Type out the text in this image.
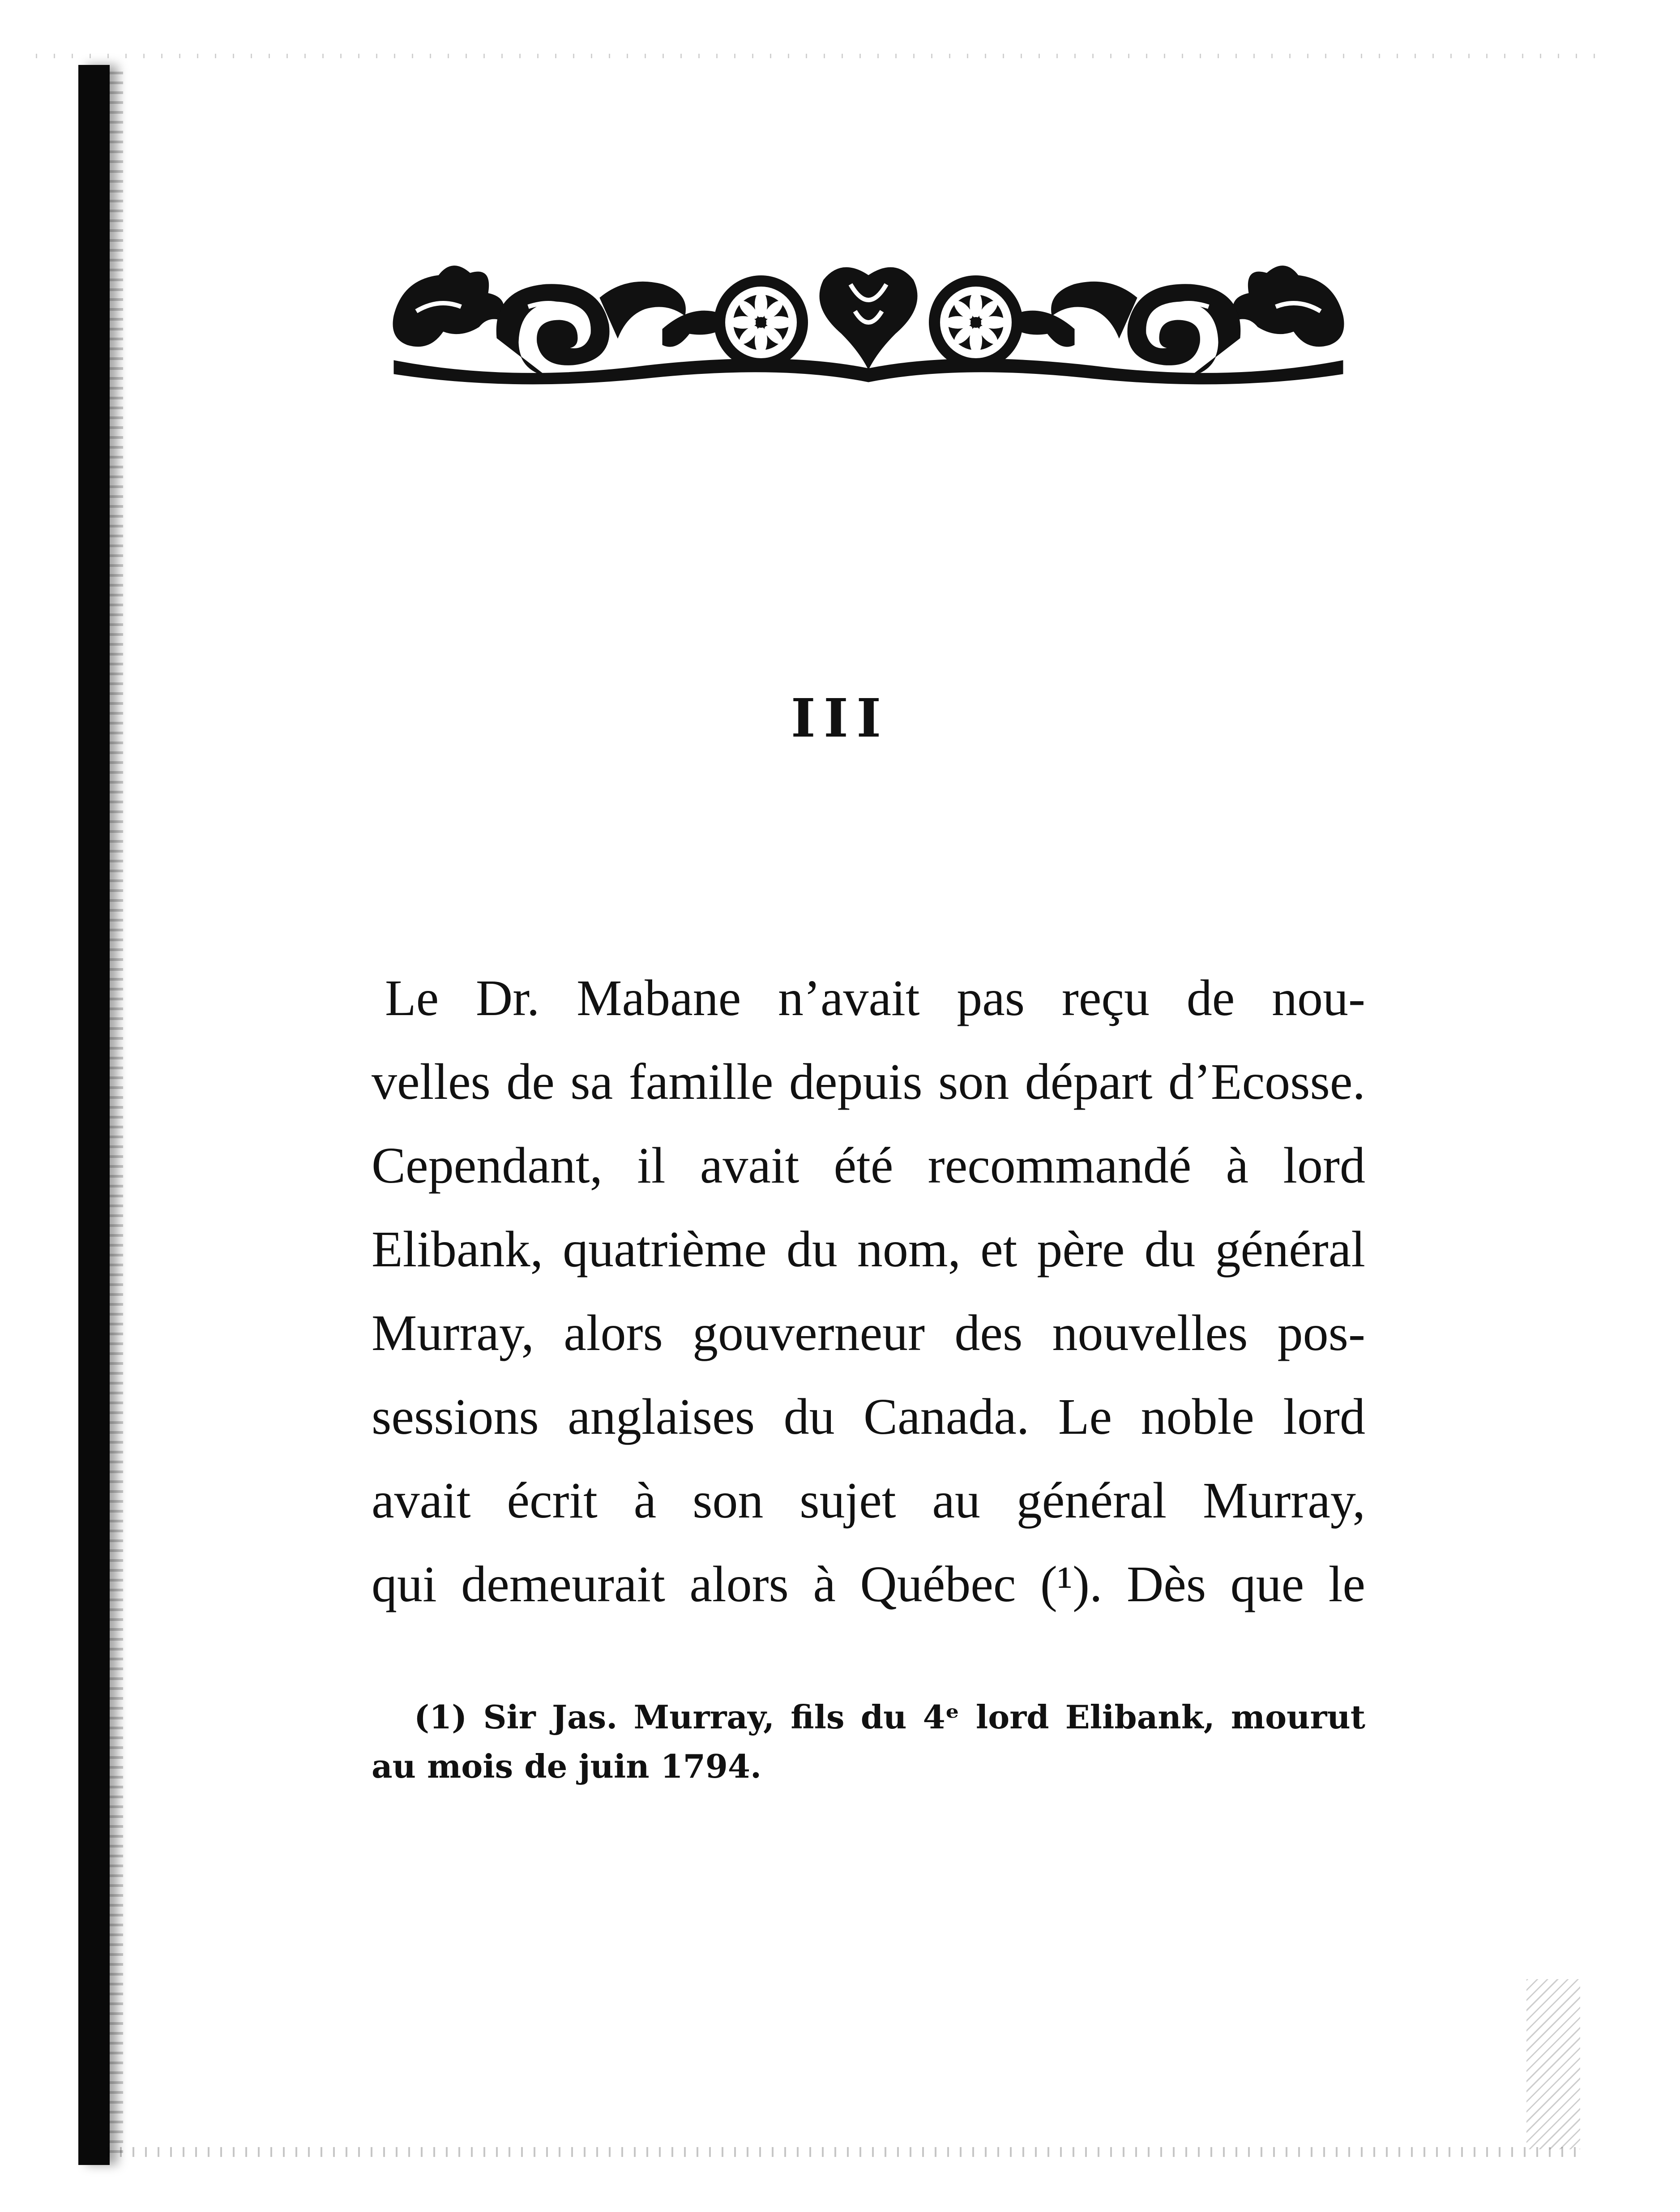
III
Le Dr. Mabane n’avait pas reçu de nou-
velles de sa famille depuis son départ d’Ecosse.
Cependant, il avait été recommandé à lord
Elibank, quatrième du nom, et père du général
Murray, alors gouverneur des nouvelles pos-
sessions anglaises du Canada. Le noble lord
avait écrit à son sujet au général Murray,
qui demeurait alors à Québec (¹). Dès que le
(1) Sir Jas. Murray, fils du 4ᵉ lord Elibank, mourut
au mois de juin 1794.
